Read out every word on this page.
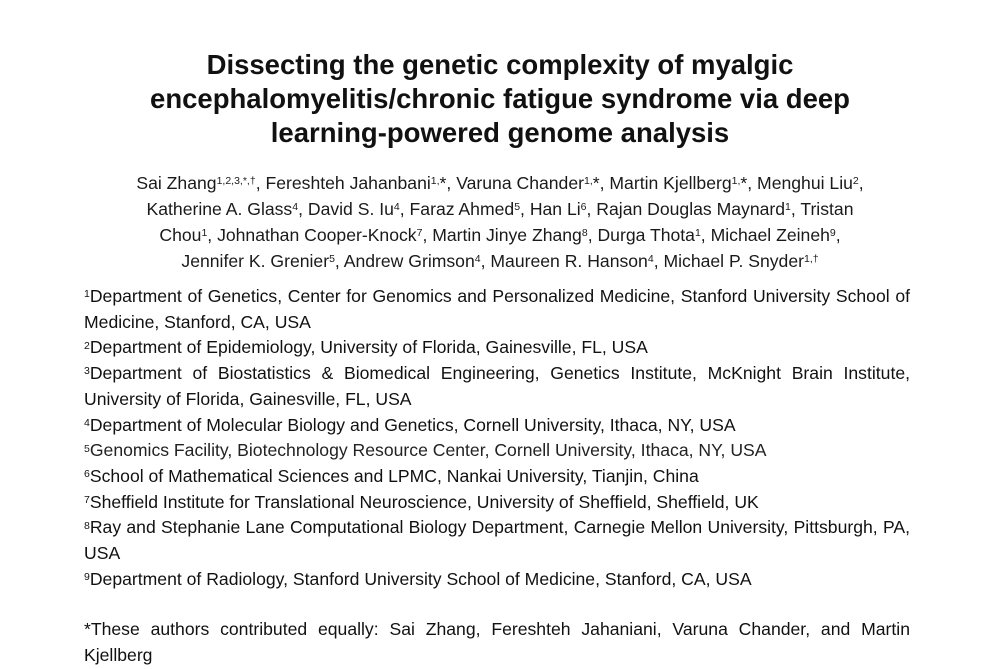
Dissecting the genetic complexity of myalgic
encephalomyelitis/chronic fatigue syndrome via deep
learning-powered genome analysis
Sai Zhang$^{1,2,3,*,\dagger}$, Fereshteh Jahanbani$^{1,}$*, Varuna Chander$^{1,}$*, Martin Kjellberg$^{1,}$*, Menghui Liu$^2$,
Katherine A. Glass$^4$, David S. Iu$^4$, Faraz Ahmed$^5$, Han Li$^6$, Rajan Douglas Maynard$^1$, Tristan
Chou$^1$, Johnathan Cooper-Knock$^7$, Martin Jinye Zhang$^8$, Durga Thota$^1$, Michael Zeineh$^9$,
Jennifer K. Grenier$^5$, Andrew Grimson$^4$, Maureen R. Hanson$^4$, Michael P. Snyder$^{1,\dagger}$
$^1$Department of Genetics, Center for Genomics and Personalized Medicine, Stanford University School of Medicine, Stanford, CA, USA
$^2$Department of Epidemiology, University of Florida, Gainesville, FL, USA
$^3$Department of Biostatistics & Biomedical Engineering, Genetics Institute, McKnight Brain Institute, University of Florida, Gainesville, FL, USA
$^4$Department of Molecular Biology and Genetics, Cornell University, Ithaca, NY, USA
$^5$Genomics Facility, Biotechnology Resource Center, Cornell University, Ithaca, NY, USA
$^6$School of Mathematical Sciences and LPMC, Nankai University, Tianjin, China
$^7$Sheffield Institute for Translational Neuroscience, University of Sheffield, Sheffield, UK
$^8$Ray and Stephanie Lane Computational Biology Department, Carnegie Mellon University, Pittsburgh, PA, USA
$^9$Department of Radiology, Stanford University School of Medicine, Stanford, CA, USA
*These authors contributed equally: Sai Zhang, Fereshteh Jahaniani, Varuna Chander, and Martin Kjellberg
